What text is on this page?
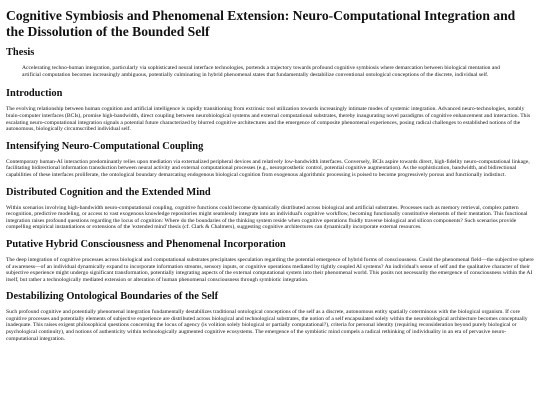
Cognitive Symbiosis and Phenomenal Extension: Neuro-Computational Integration and the Dissolution of the Bounded Self
Thesis

Accelerating techno-human integration, particularly via sophisticated neural interface technologies, portends a trajectory towards profound cognitive symbiosis where demarcation between biological mentation and artificial computation becomes increasingly ambiguous, potentially culminating in hybrid phenomenal states that fundamentally destabilize conventional ontological conceptions of the discrete, individual self.

Introduction

The evolving relationship between human cognition and artificial intelligence is rapidly transitioning from extrinsic tool utilization towards increasingly intimate modes of systemic integration. Advanced neuro-technologies, notably brain-computer interfaces (BCIs), promise high-bandwidth, direct coupling between neurobiological systems and external computational substrates, thereby inaugurating novel paradigms of cognitive enhancement and interaction. This escalating neuro-computational integration signals a potential future characterized by blurred cognitive architectures and the emergence of composite phenomenal experiences, posing radical challenges to established notions of the autonomous, biologically circumscribed individual self.

Intensifying Neuro-Computational Coupling

Contemporary human-AI interaction predominantly relies upon mediation via externalized peripheral devices and relatively low-bandwidth interfaces. Conversely, BCIs aspire towards direct, high-fidelity neuro-computational linkage, facilitating bidirectional information transduction between neural activity and external computational processes (e.g., neuroprosthetic control, potential cognitive augmentation). As the sophistication, bandwidth, and bidirectional capabilities of these interfaces proliferate, the ontological boundary demarcating endogenous biological cognition from exogenous algorithmic processing is poised to become progressively porous and functionally indistinct.

Distributed Cognition and the Extended Mind

Within scenarios involving high-bandwidth neuro-computational coupling, cognitive functions could become dynamically distributed across biological and artificial substrates. Processes such as memory retrieval, complex pattern recognition, predictive modeling, or access to vast exogenous knowledge repositories might seamlessly integrate into an individual's cognitive workflow, becoming functionally constitutive elements of their mentation. This functional integration raises profound questions regarding the locus of cognition: Where do the boundaries of the thinking system reside when cognitive operations fluidly traverse biological and silicon components? Such scenarios provide compelling empirical instantiations or extensions of the 'extended mind' thesis (cf. Clark & Chalmers), suggesting cognitive architectures can dynamically incorporate external resources.

Putative Hybrid Consciousness and Phenomenal Incorporation

The deep integration of cognitive processes across biological and computational substrates precipitates speculation regarding the potential emergence of hybrid forms of consciousness. Could the phenomenal field—the subjective sphere of awareness—of an individual dynamically expand to incorporate information streams, sensory inputs, or cognitive operations mediated by tightly coupled AI systems? An individual's sense of self and the qualitative character of their subjective experience might undergo significant transformation, potentially integrating aspects of the external computational system into their phenomenal world. This posits not necessarily the emergence of consciousness within the AI itself, but rather a technologically mediated extension or alteration of human phenomenal consciousness through symbiotic integration.

Destabilizing Ontological Boundaries of the Self

Such profound cognitive and potentially phenomenal integration fundamentally destabilizes traditional ontological conceptions of the self as a discrete, autonomous entity spatially coterminous with the biological organism. If core cognitive processes and potentially elements of subjective experience are distributed across biological and technological substrates, the notion of a self encapsulated solely within the neurobiological architecture becomes conceptually inadequate. This raises exigent philosophical questions concerning the locus of agency (is volition solely biological or partially computational?), criteria for personal identity (requiring reconsideration beyond purely biological or psychological continuity), and notions of authenticity within technologically augmented cognitive ecosystems. The emergence of the symbiotic mind compels a radical rethinking of individuality in an era of pervasive neuro-computational integration.
